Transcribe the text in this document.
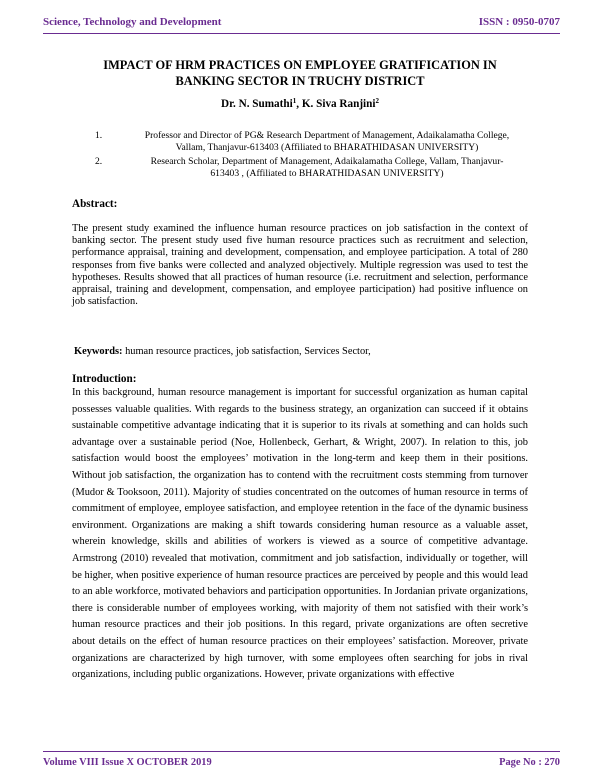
Science, Technology and Development	ISSN : 0950-0707
IMPACT OF HRM PRACTICES ON EMPLOYEE GRATIFICATION IN
BANKING SECTOR IN TRUCHY DISTRICT
Dr. N. Sumathi$^1$, K. Siva Ranjini$^2$
1.	Professor and Director of PG& Research Department of Management, Adaikalamatha College,
Vallam, Thanjavur-613403 (Affiliated to BHARATHIDASAN UNIVERSITY)
2.	Research Scholar, Department of Management, Adaikalamatha College, Vallam, Thanjavur-
613403 , (Affiliated to BHARATHIDASAN UNIVERSITY)
Abstract:
The present study examined the influence human resource practices on job satisfaction in the context of banking sector. The present study used five human resource practices such as recruitment and selection, performance appraisal, training and development, compensation, and employee participation. A total of 280 responses from five banks were collected and analyzed objectively. Multiple regression was used to test the hypotheses. Results showed that all practices of human resource (i.e. recruitment and selection, performance appraisal, training and development, compensation, and employee participation) had positive influence on job satisfaction.
Keywords: human resource practices, job satisfaction, Services Sector,
Introduction:
In this background, human resource management is important for successful organization as human capital possesses valuable qualities. With regards to the business strategy, an organization can succeed if it obtains sustainable competitive advantage indicating that it is superior to its rivals at something and can holds such advantage over a sustainable period (Noe, Hollenbeck, Gerhart, & Wright, 2007). In relation to this, job satisfaction would boost the employees’ motivation in the long-term and keep them in their positions. Without job satisfaction, the organization has to contend with the recruitment costs stemming from turnover (Mudor & Tooksoon, 2011). Majority of studies concentrated on the outcomes of human resource in terms of commitment of employee, employee satisfaction, and employee retention in the face of the dynamic business environment. Organizations are making a shift towards considering human resource as a valuable asset, wherein knowledge, skills and abilities of workers is viewed as a source of competitive advantage. Armstrong (2010) revealed that motivation, commitment and job satisfaction, individually or together, will be higher, when positive experience of human resource practices are perceived by people and this would lead to an able workforce, motivated behaviors and participation opportunities. In Jordanian private organizations, there is considerable number of employees working, with majority of them not satisfied with their work’s human resource practices and their job positions. In this regard, private organizations are often secretive about details on the effect of human resource practices on their employees’ satisfaction. Moreover, private organizations are characterized by high turnover, with some employees often searching for jobs in rival organizations, including public organizations. However, private organizations with effective
Volume VIII Issue X OCTOBER 2019	Page No : 270
